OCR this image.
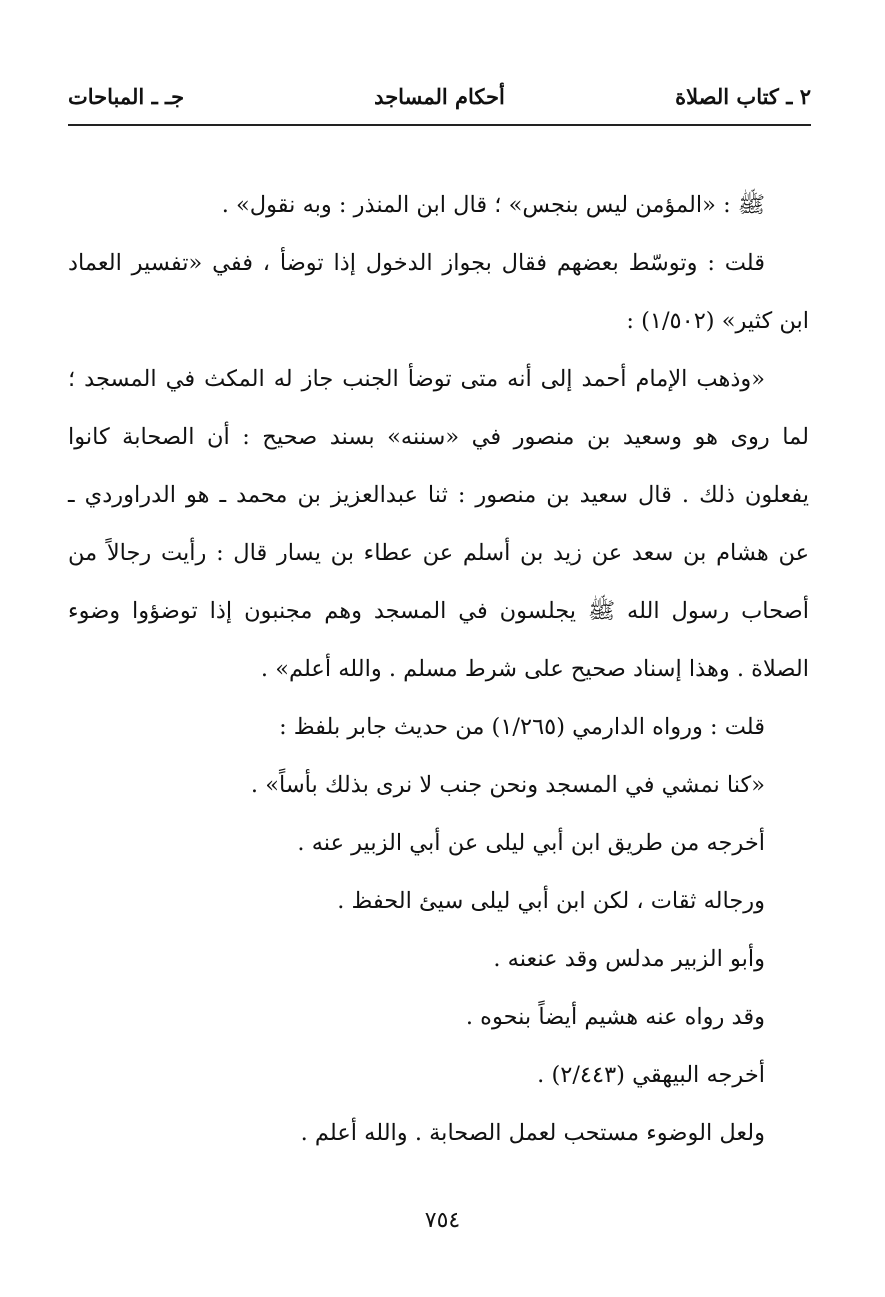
٢ ـ كتاب الصلاة
أحكام المساجد
جـ ـ المباحات
ﷺ : «المؤمن ليس بنجس» ؛ قال ابن المنذر : وبه نقول» .
قلت : وتوسّط بعضهم فقال بجواز الدخول إذا توضأ ، ففي «تفسير العماد
ابن كثير» (١/٥٠٢) :
«وذهب الإمام أحمد إلى أنه متى توضأ الجنب جاز له المكث في المسجد ؛
لما روى هو وسعيد بن منصور في «سننه» بسند صحيح : أن الصحابة كانوا
يفعلون ذلك . قال سعيد بن منصور : ثنا عبدالعزيز بن محمد ـ هو الدراوردي ـ
عن هشام بن سعد عن زيد بن أسلم عن عطاء بن يسار قال : رأيت رجالاً من
أصحاب رسول الله ﷺ يجلسون في المسجد وهم مجنبون إذا توضؤوا وضوء
الصلاة . وهذا إسناد صحيح على شرط مسلم . والله أعلم» .
قلت : ورواه الدارمي (١/٢٦٥) من حديث جابر بلفظ :
«كنا نمشي في المسجد ونحن جنب لا نرى بذلك بأساً» .
أخرجه من طريق ابن أبي ليلى عن أبي الزبير عنه .
ورجاله ثقات ، لكن ابن أبي ليلى سيئ الحفظ .
وأبو الزبير مدلس وقد عنعنه .
وقد رواه عنه هشيم أيضاً بنحوه .
أخرجه البيهقي (٢/٤٤٣) .
ولعل الوضوء مستحب لعمل الصحابة . والله أعلم .
٧٥٤
